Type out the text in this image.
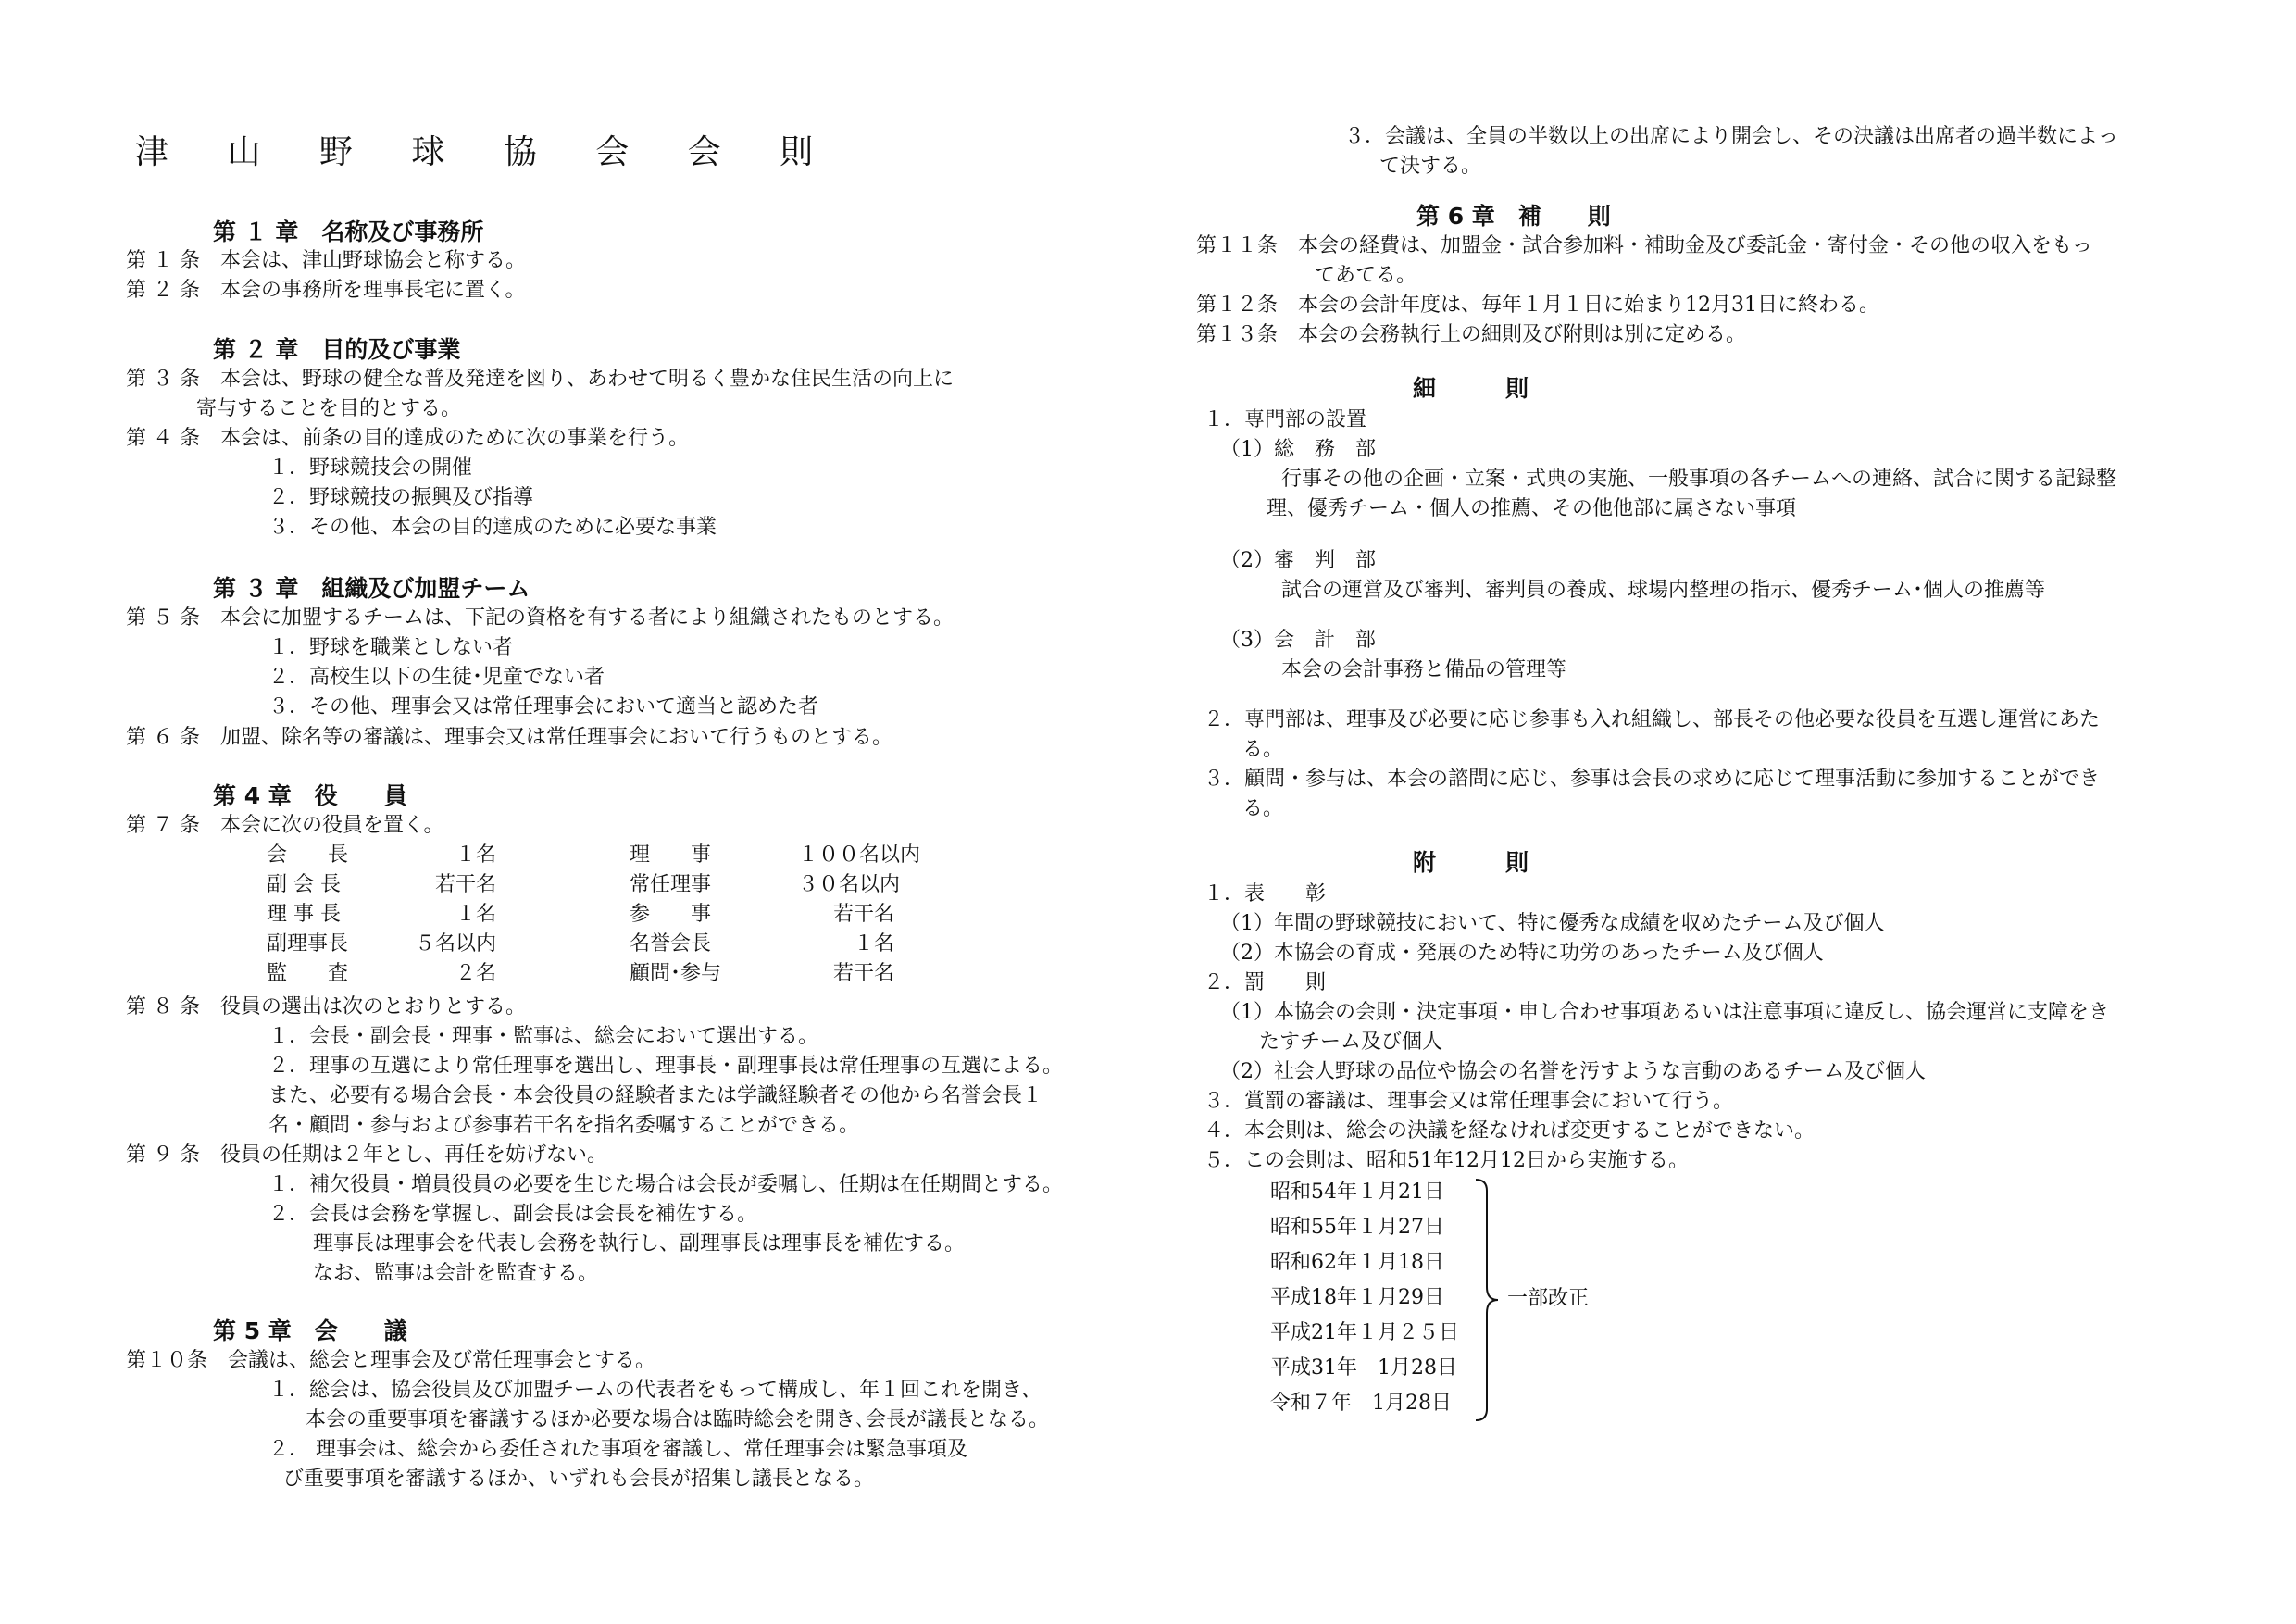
津 山 野 球 協 会 会 則
第 １ 章　名称及び事務所
第 １ 条　本会は、津山野球協会と称する。
第 ２ 条　本会の事務所を理事長宅に置く。
第 ２ 章　目的及び事業
第 ３ 条　本会は、野球の健全な普及発達を図り、あわせて明るく豊かな住民生活の向上に
寄与することを目的とする。
第 ４ 条　本会は、前条の目的達成のために次の事業を行う。
１．野球競技会の開催
２．野球競技の振興及び指導
３．その他、本会の目的達成のために必要な事業
第 ３ 章　組織及び加盟チーム
第 ５ 条　本会に加盟するチームは、下記の資格を有する者により組織されたものとする。
１．野球を職業としない者
２．高校生以下の生徒･児童でない者
３．その他、理事会又は常任理事会において適当と認めた者
第 ６ 条　加盟、除名等の審議は、理事会又は常任理事会において行うものとする。
第 4 章　役　　員
第 ７ 条　本会に次の役員を置く。
第 ８ 条　役員の選出は次のとおりとする。
１．会長・副会長・理事・監事は、総会において選出する。
２．理事の互選により常任理事を選出し、理事長・副理事長は常任理事の互選による。
また、必要有る場合会長・本会役員の経験者または学識経験者その他から名誉会長１
名・顧問・参与および参事若干名を指名委嘱することができる。
第 ９ 条　役員の任期は２年とし、再任を妨げない。
１．補欠役員・増員役員の必要を生じた場合は会長が委嘱し、任期は在任期間とする。
２．会長は会務を掌握し、副会長は会長を補佐する。
理事長は理事会を代表し会務を執行し、副理事長は理事長を補佐する。
なお、監事は会計を監査する。
第 5 章　会　　議
第１０条　会議は、総会と理事会及び常任理事会とする。
１．総会は、協会役員及び加盟チームの代表者をもって構成し、年１回これを開き、
本会の重要事項を審議するほか必要な場合は臨時総会を開き､会長が議長となる。
２． 理事会は、総会から委任された事項を審議し、常任理事会は緊急事項及
び重要事項を審議するほか、いずれも会長が招集し議長となる。
３．会議は、全員の半数以上の出席により開会し、その決議は出席者の過半数によっ
て決する。
第 6 章　補　　則
第１１条　本会の経費は、加盟金・試合参加料・補助金及び委託金・寄付金・その他の収入をもっ
てあてる。
第１２条　本会の会計年度は、毎年１月１日に始まり12月31日に終わる。
第１３条　本会の会務執行上の細則及び附則は別に定める。
細　　　則
１．専門部の設置
（1）総　務　部
行事その他の企画・立案・式典の実施、一般事項の各チームへの連絡、試合に関する記録整
理、優秀チーム・個人の推薦、その他他部に属さない事項
（2）審　判　部
試合の運営及び審判、審判員の養成、球場内整理の指示、優秀チーム･個人の推薦等
（3）会　計　部
本会の会計事務と備品の管理等
２．専門部は、理事及び必要に応じ参事も入れ組織し、部長その他必要な役員を互選し運営にあた
る。
３．顧問・参与は、本会の諮問に応じ、参事は会長の求めに応じて理事活動に参加することができ
る。
附　　　則
１．表　　彰
（1）年間の野球競技において、特に優秀な成績を収めたチーム及び個人
（2）本協会の育成・発展のため特に功労のあったチーム及び個人
２．罰　　則
（1）本協会の会則・決定事項・申し合わせ事項あるいは注意事項に違反し、協会運営に支障をき
たすチーム及び個人
（2）社会人野球の品位や協会の名誉を汚すような言動のあるチーム及び個人
３．賞罰の審議は、理事会又は常任理事会において行う。
４．本会則は、総会の決議を経なければ変更することができない。
５．この会則は、昭和51年12月12日から実施する。
会　　長	１名	理　　事	１００名以内
副 会 長	若干名	常任理事	３０名以内
理 事 長	１名	参　　事	若干名
副理事長	５名以内	名誉会長	１名
監　　査	２名	顧問･参与	若干名
昭和54年１月21日
昭和55年１月27日
昭和62年１月18日
平成18年１月29日
平成21年１月２５日
平成31年　1月28日
令和７年　1月28日
一部改正
